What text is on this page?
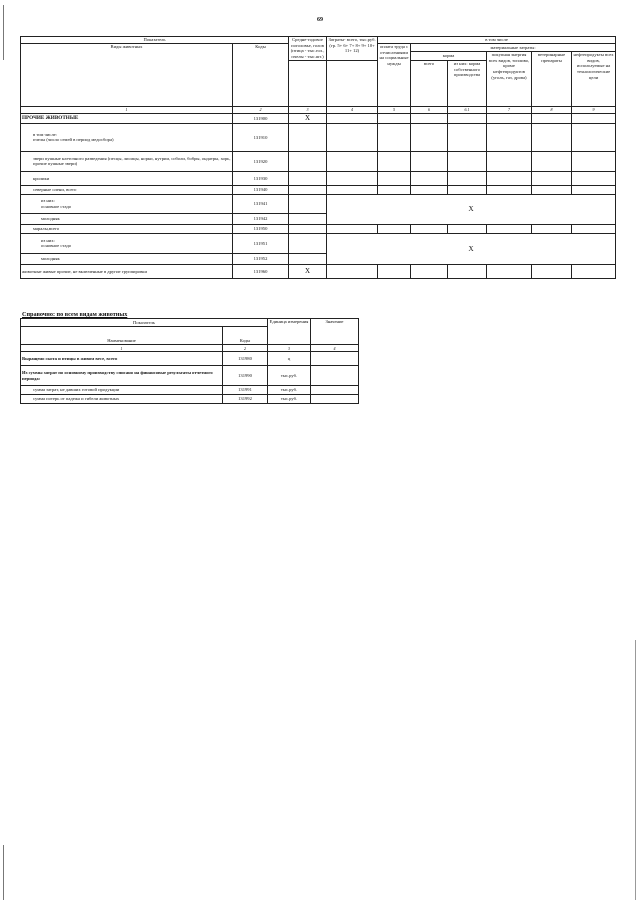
69
Показатель		Средне-годовое поголовье, голов (птица - тыс.гол., пчелы - тыс.шт.)	Затраты- всего, тыс.руб. (гр. 5+ 6+ 7+ 8+ 9+ 10+ 11+ 12)	в том числе					
Виды животных	Коды			оплата труда с отчислениями на социальные нужды	материальные затраты:				
					корма		покупная энергия всех видов, топливо, кроме нефтепродуктов (уголь, газ, дрова)	ветеринарные препараты	нефтепродукты всех видов, используемые на технологические цели
					всего	из них: корма собственного производства			
1	2	3	4	5	6	6.1	7	8	9
ПРОЧИЕ ЖИВОТНЫЕ	131900	X							
в том числе:
пчелы (число семей в период медосбора)	131910								
звери пушные клеточного разведения (песцы, лисицы, норки, нутрии, соболи, бобры, ондатры, хорь, прочие пушные звери)	131920								
кролики	131930								
северные олени, всего	131940								
из них:
основное стадо	131941		X						
молодняк	131942								
маралы,всего	131950								
из них:
основное стадо	131951		X						
молодняк	131952								
животные живые прочие, не включенные в другие группировки	131960	X							
Справочно: по всем видам животных
Показатель		Единица измерения	Значение
Наименование	Коды		
1	2	3	4
Выращено скота и птицы в живом весе, всего	131980	ц	
Из суммы затрат по основному производству списано на финансовые результаты отчетного периода:	131990	тыс.руб.	
сумма затрат, не давших готовой продукции	131991	тыс.руб.	
сумма потерь от падежа и гибели животных	131992	тыс.руб.	
